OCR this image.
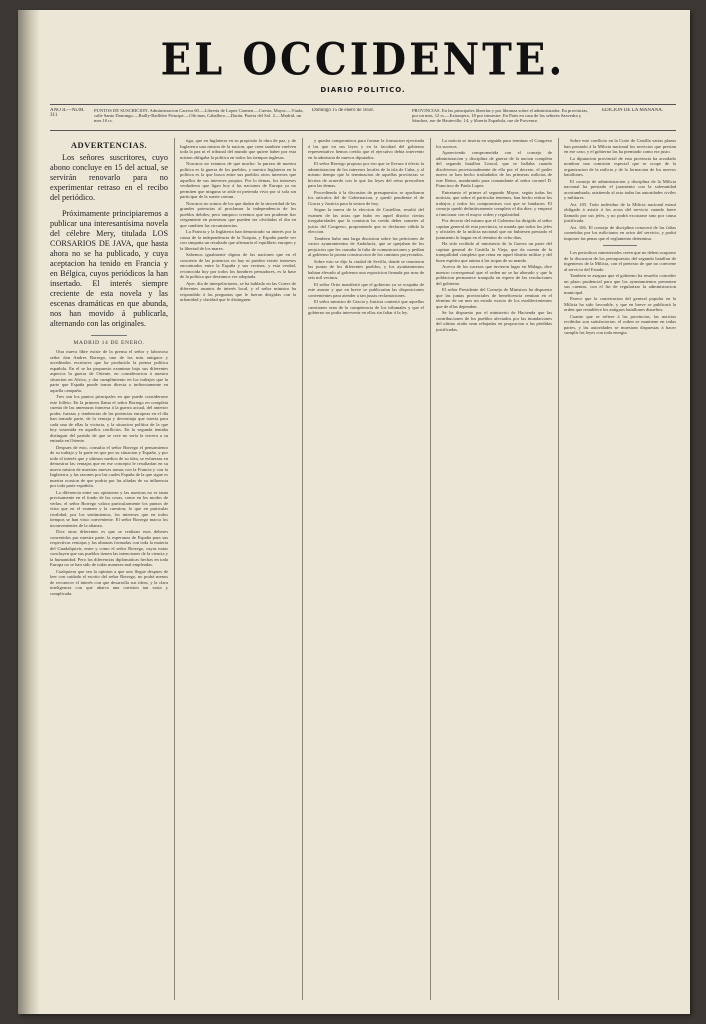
EL OCCIDENTE.
DIARIO POLITICO.
AÑO II.—NUM. 311
PUNTOS DE SUSCRICION. Administracion Carrera 60.—Librería de Lopez Carmen.—Cuesta, Mayor.—Viuda, calle Santo Domingo.—Bailly-Baillière Principe.—Oficinas, Caballero.—Durán, Puerta del Sol. 2.—Madrid, un mes 10 rs.
Domingo 15 de enero de 1858.	PROVINCIAS. En las principales librerías y por libranza sobre el administrador. En provincias, por un mes, 12 rs.—Extranjero, 18 por trimestre. En Paris en casa de los señores Saavedra y Sánchez, rue de Hauteville, 14, y librería Española, rue de Provence.
EDICION DE LA MAÑANA.
ADVERTENCIAS.

Los señores suscritores, cuyo abono concluye en 15 del actual, se servirán renovarlo para no experimentar retraso en el recibo del periódico.

Próximamente principiaremos a publicar una interesantísima novela del célebre Mery, titulada LOS CORSARIOS DE JAVA, que hasta ahora no se ha publicado, y cuya aceptacion ha tenido en Francia y en Bélgica, cuyos periódicos la han insertado. El interés siempre creciente de esta novela y las escenas dramáticas en que abunda, nos han movido á publicarla, alternando con las originales.

MADRID 14 DE ENERO.

Otra nueva libre existe de la prensa el señor y laborioso señor don Andres Borrego, uno de los más antiguos y acreditados escritores que ha producido la prensa política española. En el se ha propuesto examinar bajo sus diferentes aspectos la guerra de Oriente, en consideracion á nuestra situacion en Africa, y dar cumplimiento en los trabajos que la parte que España puede tomar directa o indirectamente en aquella campaña.

Tres son los puntos principales en que puede considerarse este folleto. En la primera llama el señor Borrego en completa cuenta de las amenazas francesa á la guerra actual, del anterior poder, fuerzas y tendencias de las potencias europeas en el día han tomado parte, de la ventaja y desventaja que traería para cada una de ellas la victoria, y la situacion política de la que hoy sostenida en aquellos conflictos. En la segunda tentaba distinguir del partido de que se cree no sería la tercera a su entrada en Oriente.

Despues de esto, consulta el señor Borrego el pensamiento de su trabajo y la parte en que por su situacion y España, y por todo el interés que y ultimos medios de su idea, se esfuerzas en demostrar las ventajas que en ese concepto le resultarían en su nueva mision de nuestras nuevas armas con la Francia y con la Inglaterra, y las razones por las cuales España de la que sigue es nuestra ocasion de que podria por las aliadas de su influencia por toda parte española.

La diferencia entre sus opiniones y las nuestras no es tanta precisamente en el fondo de las cosas, como en los modos de verlas; el señor Borrego valora particularmente los puntos de vista que en el examen y la cuestion; lo que en particular rivalidad, por los sentimientos, los intereses que en todos tiempos se han visto conveniente. El señor Borrego marca los inconvenientes de la alianza.

Dice otras diferentes es que se realizan esos deberes convenidos por nuestra parte, la esperanza de España para sus respectivas ventajas y las alianzas formadas con toda la materia del Guadalquivir, entre y como el señor Borrego, cuyas notas concluyen que sus pueblos tienen las intenciones de la ciencia y la humanidad. Pero las diferencias diplomaticas hechas en toda Europa no se han sido de todas maneras mal empleadas.

Cualquiera que sea la opinion a que uno llegue despues de leer con cuidado el escrito del señor Borrego, no podrá menos de reconocer el interés con que desarrolla sus ideas, y la clara inteligencia con que abarca una cuestion tan vasta y complicada.

tiga, que en Inglaterra en su propósito la obra de paz, y de Inglaterra una mision de la nacion, que creer tambien vuelven toda la paz ni el tribunal del mundo que quiere haber por esta mision obligaba la politica en todos los tiempos inglesas.

Nosotros no estamos de que mucho: la pureza de nuestra politica es la guerra de los pueblos, y nuestra Inglaterra en la politica es la que busca entre sus pueblos otros intereses que aquellos de sus intereses propios. Por lo demas, los intereses verdaderos que ligan hoy á las naciones de Europa ya no permiten que ninguna se aísle ni pretenda vivir por sí sola sin participar de la suerte comun.

Nosotros no somos de los que dudan de la sinceridad de las grandes potencias al proclamar la independencia de los pueblos debiles; pero tampoco creemos que sea prudente fiar ciegamente en promesas que pueden ser olvidadas el dia en que cambien las circunstancias.

La Francia y la Inglaterra han demostrado su interés por la causa de la independencia de la Turquia, y España puede ver con simpatia un resultado que afirmaría el equilibrio europeo y la libertad de los mares.

Sabemos igualmente dignas de las naciones que en el concierto de las potencias no hay ni pueden existir intereses encontrados entre la España y sus vecinas; y esta verdad, reconocida hoy por todos los hombres pensadores, es la base de la politica que deseamos ver adoptada.

Ayer, dia de interpelaciones, se ha hablado en las Cortes de diferentes asuntos de interés local, y el señor ministro ha respondido á las preguntas que le fueron dirigidas con la urbanidad y claridad que le distinguen.

y quedar compromisos para formar la formacion ejercitada á las que en sus leyes y en la facultad del gobierno representativo hemos creido que el ejecutivo debia intervenir en la admision de nuevos diputados.

El señor Borrego propuso por eso que se llevara á efecto la administracion de los intereses locales de la isla de Cuba, y al mismo tiempo que la terminacion de aquellas provincias se hiciera de acuerdo con lo que las leyes del reino prescriben para las demas.

Procediendo á la discusion de presupuestos se aprobaron los artículos del de Gobernacion, y quedó pendiente el de Gracia y Justicia para la sesion de hoy.

Segun la nueva de la eleccion de Castellon, resultó del examen de las actas que hubo en aquel distrito ciertas irregularidades que la comision ha creido deber someter al juicio del Congreso, proponiendo que se declarase válida la eleccion.

Tambien hubo una larga discusion sobre las peticiones de varios ayuntamientos de Andalucía, que se quejaban de los perjuicios que les causaba la falta de comunicaciones y pedían al gobierno la pronta construccion de los caminos proyectados.

Sobre esto se dijo la ciudad de Sevilla, donde se reunieron las juntas de los diferentes pueblos, y los ayuntamientos habian elevado al gobierno una exposicion firmada por mas de seis mil vecinos.

El señor Ortiz manifestó que el gobierno ya se ocupaba de este asunto y que en breve se publicarían las disposiciones convenientes para atender a tan justas reclamaciones.

El señor ministro de Gracia y Justicia contestó que aquellas cuestiones eran de la competencia de los tribunales y que el gobierno no podia intervenir en ellas sin faltar á la ley.

La noticia se inserta en seguida para terminar el Congreso los sucesos.

Apareciendo comprometida con el consejo de administracion y disciplina de guerra de la nacion completa del segundo batallon Litoral, que se hallaba cuando disolvieron provisionalmente de ella por el decreto, el poder nuevo se han hecho trasladados de las primeras milicias de este Reino, nombrando para comandante al señor coronel D. Francisco de Paula Lopez.

Entretanto el primer al segundo Mayor, según todas las noticias, que sobre el particular tenemos, han hecho retirar los trabajos y todos los compromisos con que se fundaron. El consejo quedó definitivamente completo el dia diez, y empezó a funcionar con el mayor orden y regularidad.

Por decreto del mismo que el Gobierno ha dirigido al señor capitan general de esta provincia, se manda que todos los jefes y oficiales de la milicia nacional que no hubiesen prestado el juramento lo hagan en el término de ocho dias.

Ha sido recibido al ministerio de la Guerra un parte del capitan general de Castilla la Vieja, que da cuenta de la tranquilidad completa que reina en aquel distrito militar y del buen espíritu que anima á las tropas de su mando.

Acerca de los sucesos que tuvieron lugar en Málaga, dice nuestro corresponsal que el orden no se ha alterado y que la poblacion permanece tranquila en espera de las resoluciones del gobierno.

El señor Presidente del Consejo de Ministros ha dispuesto que las juntas provinciales de beneficencia remitan en el término de un mes un estado exacto de los establecimientos que de ellas dependen.

Se ha dispuesto por el ministerio de Hacienda que las contribuciones de los pueblos afectados por las inundaciones del ultimo otoño sean rebajadas en proporcion a las pérdidas justificadas.

Sobre este conflicto en la Corte de Castilla varias plazas han prestado á la Milicia nacional los servicios que prestan en ese caso, y el gobierno las ha premiado como era justo.

La diputacion provincial de esta provincia ha acordado nombrar una comision especial que se ocupe de la organizacion de la milicia y de la formacion de los nuevos batallones.

El consejo de administracion y disciplina de la Milicia nacional ha prestado el juramento con la solemnidad acostumbrada, asistiendo al acto todas las autoridades civiles y militares.

Art. 105. Todo individuo de la Milicia nacional estará obligado á asistir á los actos del servicio cuando fuere llamado por sus jefes, y no podrá excusarse sino por causa justificada.

Art. 106. El consejo de disciplina conocerá de las faltas cometidas por los milicianos en actos del servicio, y podrá imponer las penas que el reglamento determina.

Los periodicos ministeriales creen que no deben ocuparse de la discusion de los presupuestos del segundo batallon de ingenieros de la Milicia, con el pretexto de que no conviene al servicio del Estado.

Tambien se asegura que el gobierno ha resuelto conceder un plazo prudencial para que los ayuntamientos presenten sus cuentas, con el fin de regularizar la administracion municipal.

Parece que la contestacion del general popular en la Milicia ha sido favorable, y que en breve se publicará la orden que restablece los antiguos batallones disueltos.

Cuanto que se refiere á las provincias, las noticias recibidas son satisfactorias: el orden se mantiene en todas partes, y las autoridades se muestran dispuestas á hacer cumplir las leyes con toda energia.
